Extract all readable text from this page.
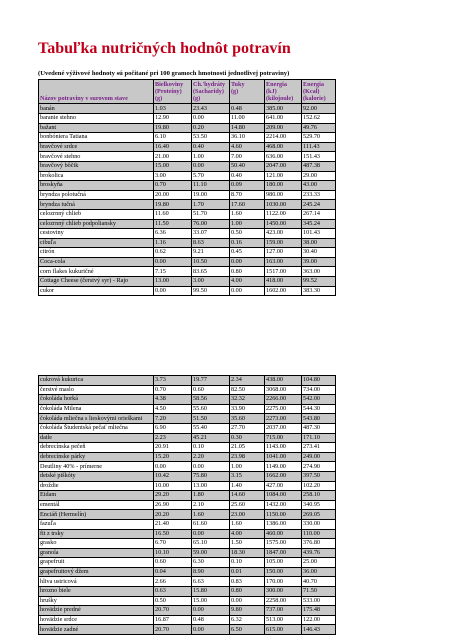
Tabuľka nutričných hodnôt potravín
(Uvedené výživové hodnoty sú počítané pri 100 gramoch hmotnosti jednotlivej potraviny)
Názov potraviny v surovom stave	Bielkoviny
(Proteíny)
(g)	Ch.'hydráty
(Sacharidy)
(g)	Tuky
(g)	Energia
(kJ)
(kilojoule)	Energia
(Kcal)
(kalorie)

banán	1.03	23.43	0.48	385.00	92.00
baranie stehno	12.90	0.00	11.00	641.00	152.62
bažant	19.80	0.20	14.80	209.00	49.76
bonbóniera Tatiana	6.10	53.50	36.10	2214.00	529.70
bravčové srdce	16.40	0.40	4.60	468.00	111.43
bravčové stehno	21.00	1.00	7.00	636.00	151.43
bravčový bôčik	15.00	0.00	50.40	2047.00	487.38
brokolica	3.00	5.70	0.40	121.00	29.00
broskyňa	0.70	11.10	0.09	180.00	43.00
bryndza polotučná	20.00	19.00	8.70	980.00	233.33
bryndza tučná	19.80	1.70	17.60	1030.00	245.24
celozrnný chlieb	11.60	51.70	1.60	1122.00	267.14
celozrnný chlieb podpoliansky	11.50	76.00	1.00	1450.00	345.24
cestoviny	6.36	33.07	0.50	423.00	101.43
cibuľa	1.16	8.63	0.16	159.00	38.00
citrón	0.62	9.21	0.45	127.00	30.40
Coca-cola	0.00	10.50	0.00	163.00	39.00
corn flakes kukuričné	7.15	83.65	0.80	1517.00	363.00
Cottage Cheese (čerstvý syr) - Rajo	13.00	3.00	4.00	418.00	99.52
cukor	0.00	99.50	0.00	1602.00	383.30
cukrová kukurica	3.73	19.77	2.34	438.00	104.80
čerstvé maslo	0.70	0.60	82.50	3068.00	734.00
čokoláda horká	4.38	58.56	32.32	2266.00	542.00
čokoláda Milena	4.50	55.60	33.90	2275.00	544.30
čokoláda mliečna s lieskovými orieškami	7.20	51.50	35.60	2273.00	543.80
čokoláda Študentská pečať mliečna	6.90	55.40	27.70	2037.00	487.30
datle	2.23	45.21	0.30	715.00	171.10
debrecínska pečeň	20.91	0.10	21.05	1143.00	273.41
debrecínske párky	15.20	2.20	23.98	1041.00	249.00
Deutliny 40% - prímerne	0.00	0.00	1.00	1149.00	274.90
detské piškóty	10.42	75.80	3.15	1662.00	397.50
droždie	10.00	13.00	1.40	427.00	102.20
Eidam	29.20	1.80	14.60	1084.00	258.10
ementál	26.90	2.10	25.60	1432.00	340.95
Enciáň (Hermelín)	20.20	1.60	23.00	1150.00	269.05
fazuľa	21.40	61.60	1.60	1386.00	330.00
fit z trsky	16.50	0.00	4.00	460.00	110.00
grasko	6.70	65.10	1.50	1575.00	376.80
granola	10.10	59.00	18.30	1847.00	439.76
grapefruit	0.60	6.30	0.10	105.00	25.00
grapefruitový džem	0.04	8.90	0.01	150.00	36.00
hliva ustricová	2.66	6.63	0.83	170.00	40.70
hrozno biele	0.63	15.80	0.80	300.00	71.50
hrušky	0.50	15.00	0.00	2258.00	533.00
hovädzie predné	20.70	0.00	9.80	737.00	175.48
hovädzie srdce	16.87	0.48	6.32	513.00	122.00
hovädzie zadné	20.70	0.00	6.50	615.00	146.43
